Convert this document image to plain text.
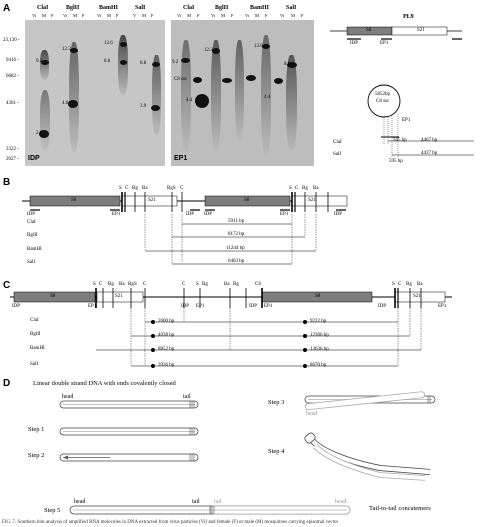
A	ClaI	BglII	BamHI	SalI
Vi M F Vi M F	Vi M F	V M F
23,130 -
9416 -
6682 -
4361 -
2322 -
2027 - IDP
9.2
2.6
12.3
4.6
13.6
8.8	8.8
3.9
ClaI	BglII	BamHI	SalI
Vi M F	Vi M F	Vi M F	Vi M F
EP1
9.2
C8 ssc
4.4
12.3
13.6
4.4
8.8
PL9
S8	S21
IDP	EP1
5852bp
C8 ssc
EP1
ClaI	565 bp	4467 bp
SalI
595 bp
4437 bp
B
S8	S21	S8	S21
IDP	EP1	IDP IDP	EP1	IDP
S C Bg Ba	BgS C	S C Bg Ba
ClaI	5911 bp
BglII	8172 bp
BamHI	11244 bp
SalI	6403 bp
C
S8	S21	S8	S21
IDP	EP1	IDP EP1	IDP EP1	IDP	EP1
S C Bg Ba Bg S C	C S Bg	Ba Bg	CS	S C Bg Ba
ClaI	2600 bp	9222 bp
BglII	4038 bp	12306 bp
BamHI	8852 bp	13636 bp
SalI	3936 bp	8670 bp
D	Linear double strand DNA with ends covalently closed
head	tail
Step 1
Step 2
Step 3
Step 4
Step 5
head
head	tail tail	head
Tail-to-tail concatemers
FIG. 7. Southern blot analysis of amplified RNA molecules in DNA extracted from virus particles (Vi) and female (F) or male (M) mosquitoes carrying episomal vector
